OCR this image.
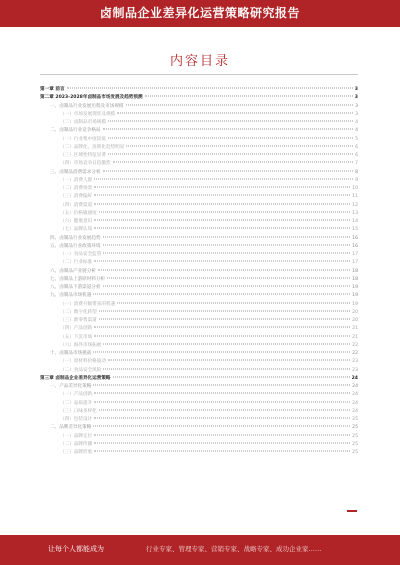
卤制品企业差异化运营策略研究报告
内容目录
第一章 前言	3
第二章 2023-2028年卤制品市场发展及趋势预测	3
一、卤制品行业发展历程及市场规模	3
（一）市场发展现状及规模	3
（二）卤制品市场规模	4
二、卤制品行业竞争格局	4
（一）行业集中度较低	5
（二）品牌化、连锁化趋势明显	6
（三）区域性特征显著	6
（四）市场竞争日趋激烈	7
三、卤制品消费需求分析	8
（一）消费人群	9
（二）消费场景	10
（三）消费偏好	11
（四）消费渠道	12
（五）价格敏感度	13
（六）健康意识	14
（七）品牌认知	15
四、卤制品行业发展趋势	16
五、卤制品行业政策环境	16
（一）食品安全监管	17
（二）行业标准	17
六、卤制品产业链分析	18
七、卤制品上游原材料分析	18
八、卤制品下游渠道分析	19
九、卤制品市场机遇	19
（一）消费升级带来的机遇	19
（二）数字化转型	20
（三）新零售渠道	20
（四）产品创新	21
（五）下沉市场	21
（六）海外市场拓展	22
十、卤制品市场挑战	22
（一）原材料价格波动	23
（二）食品安全风险	23
第三章 卤制品企业差异化运营策略	24
一、产品差异化策略	24
（一）产品创新	24
（二）品质提升	24
（三）口味多样化	24
（四）包装设计	25
二、品牌差异化策略	25
（一）品牌定位	25
（二）品牌传播	25
（三）品牌形象	25
让每个人都能成为	行业专家、管理专家、营销专家、战略专家、成功企业家……
